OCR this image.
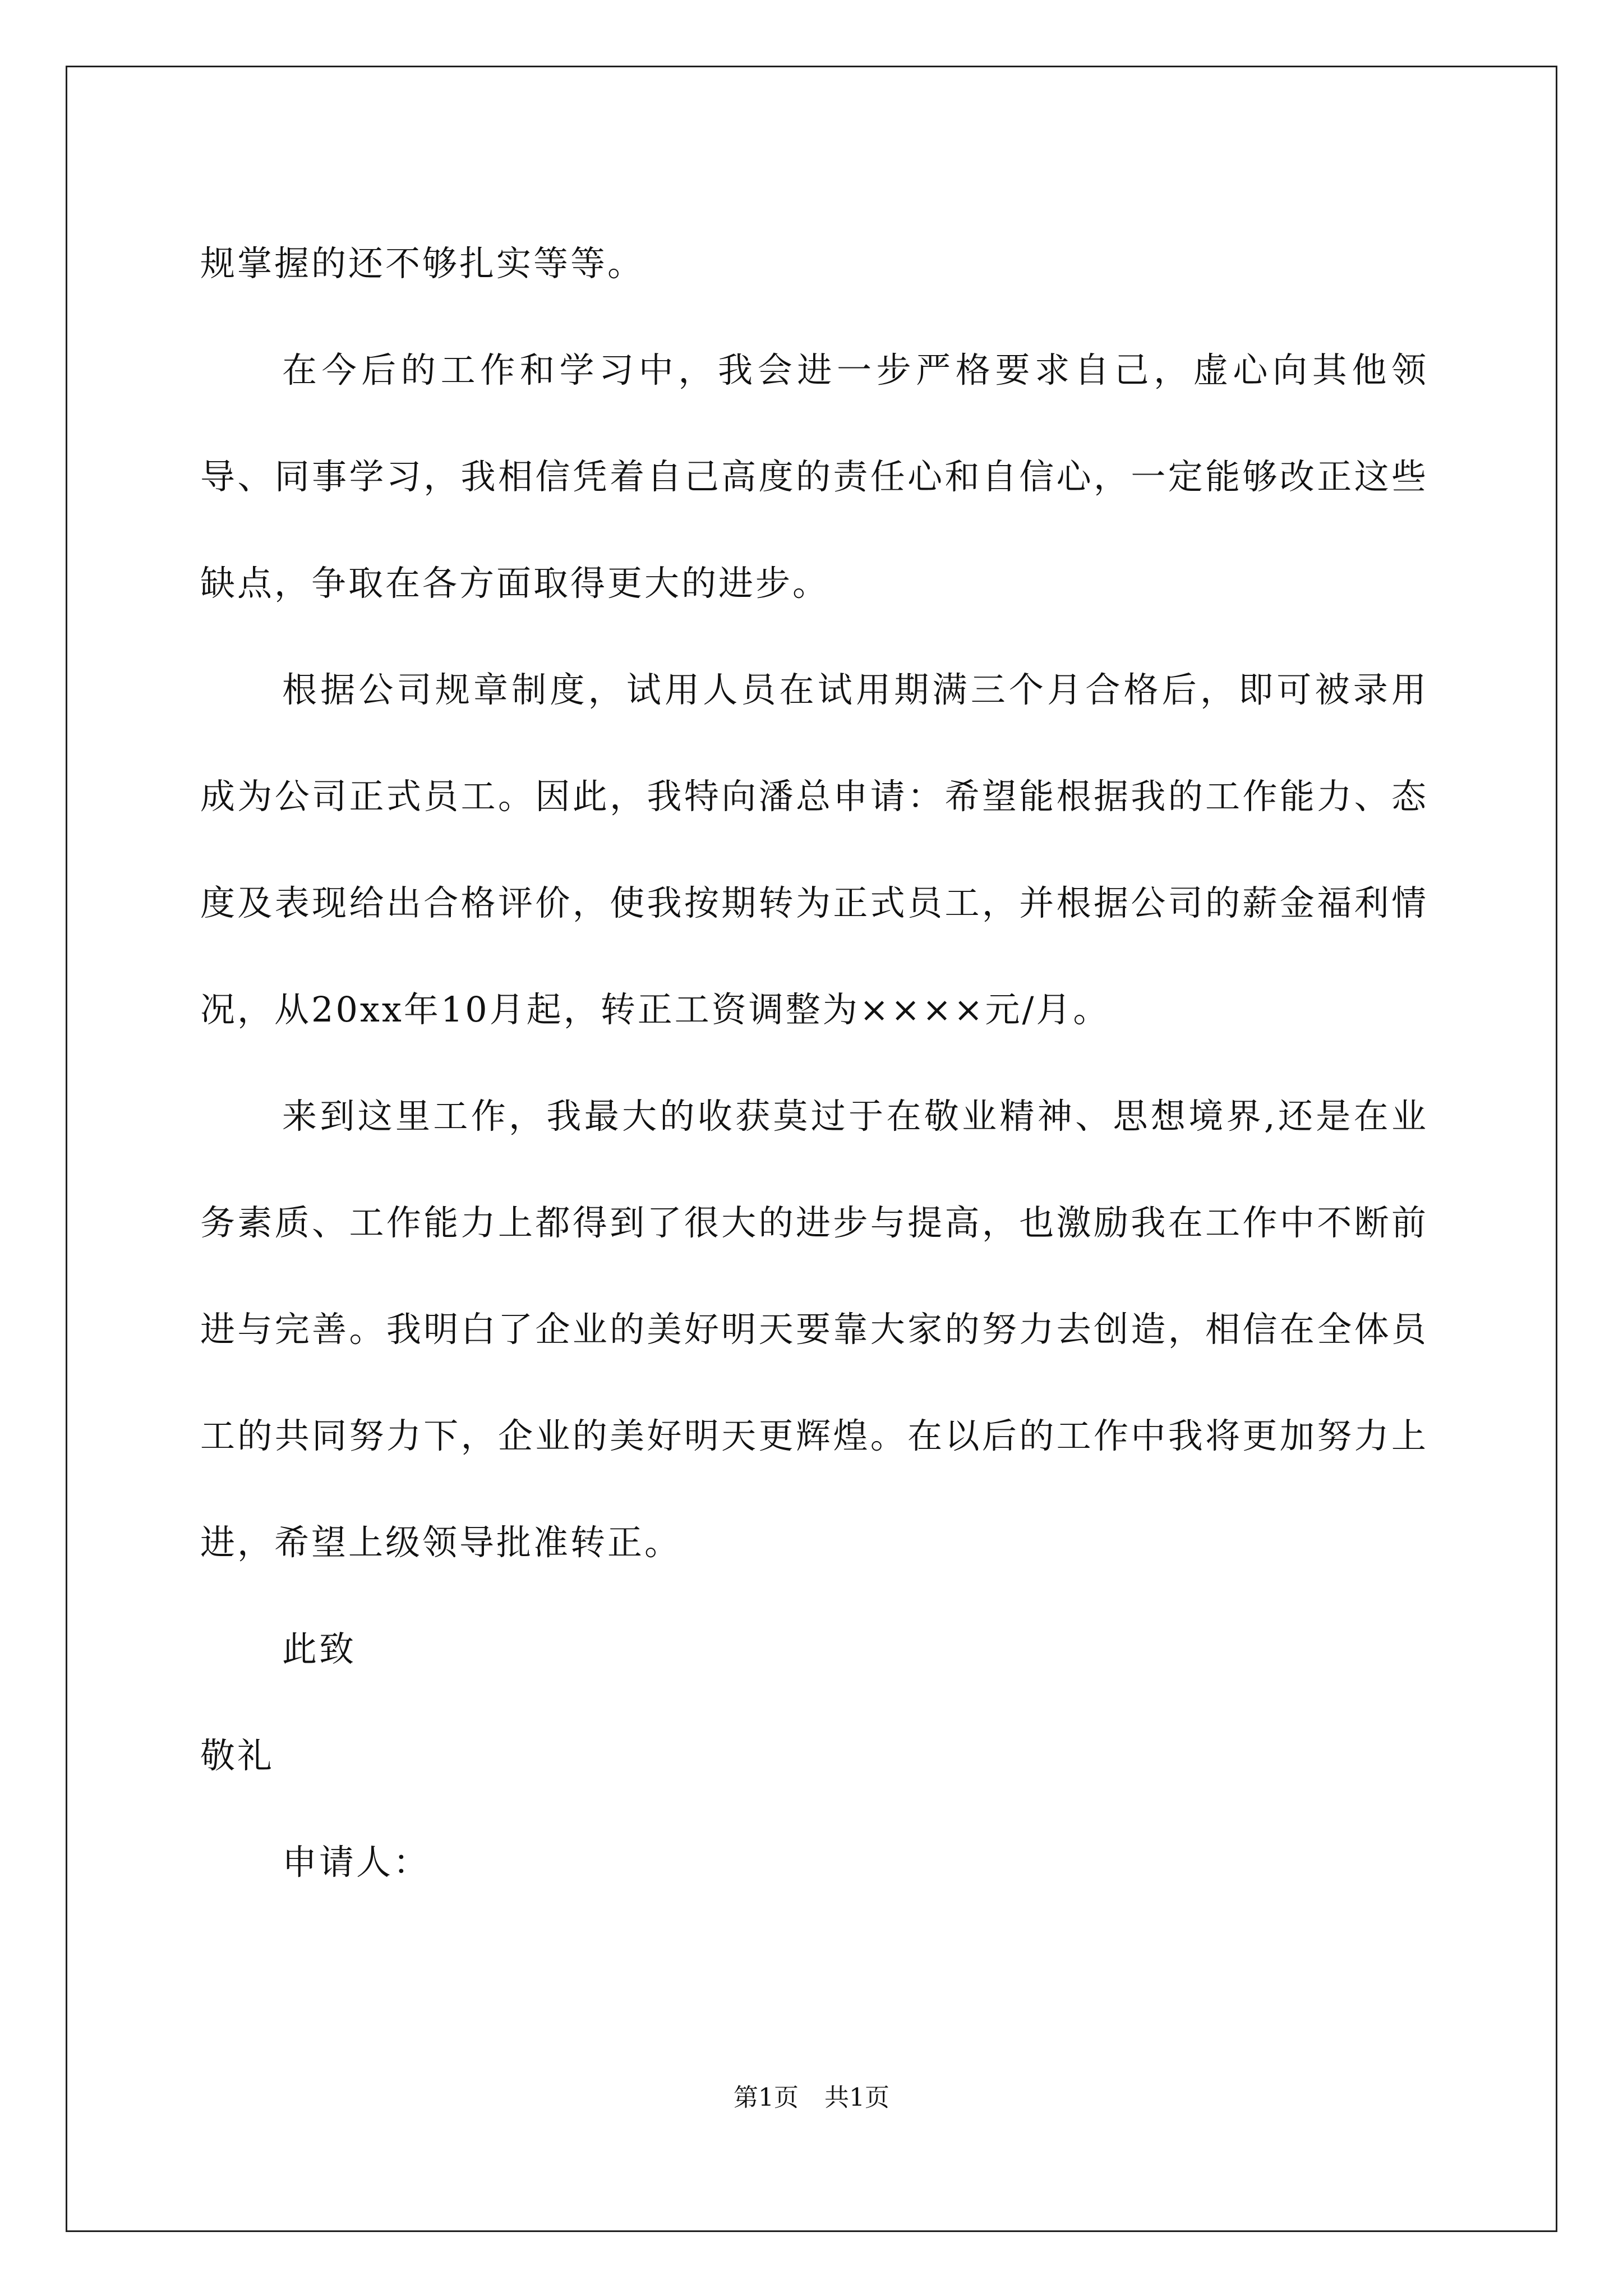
规掌握的还不够扎实等等。

在今后的工作和学习中，我会进一步严格要求自己，虚心向其他领导、同事学习，我相信凭着自己高度的责任心和自信心，一定能够改正这些缺点，争取在各方面取得更大的进步。

根据公司规章制度，试用人员在试用期满三个月合格后，即可被录用成为公司正式员工。因此，我特向潘总申请：希望能根据我的工作能力、态度及表现给出合格评价，使我按期转为正式员工，并根据公司的薪金福利情况，从20xx年10月起，转正工资调整为××××元/月。

来到这里工作，我最大的收获莫过于在敬业精神、思想境界,还是在业务素质、工作能力上都得到了很大的进步与提高，也激励我在工作中不断前进与完善。我明白了企业的美好明天要靠大家的努力去创造，相信在全体员工的共同努力下，企业的美好明天更辉煌。在以后的工作中我将更加努力上进，希望上级领导批准转正。

此致

敬礼

申请人：

第1页 共1页
